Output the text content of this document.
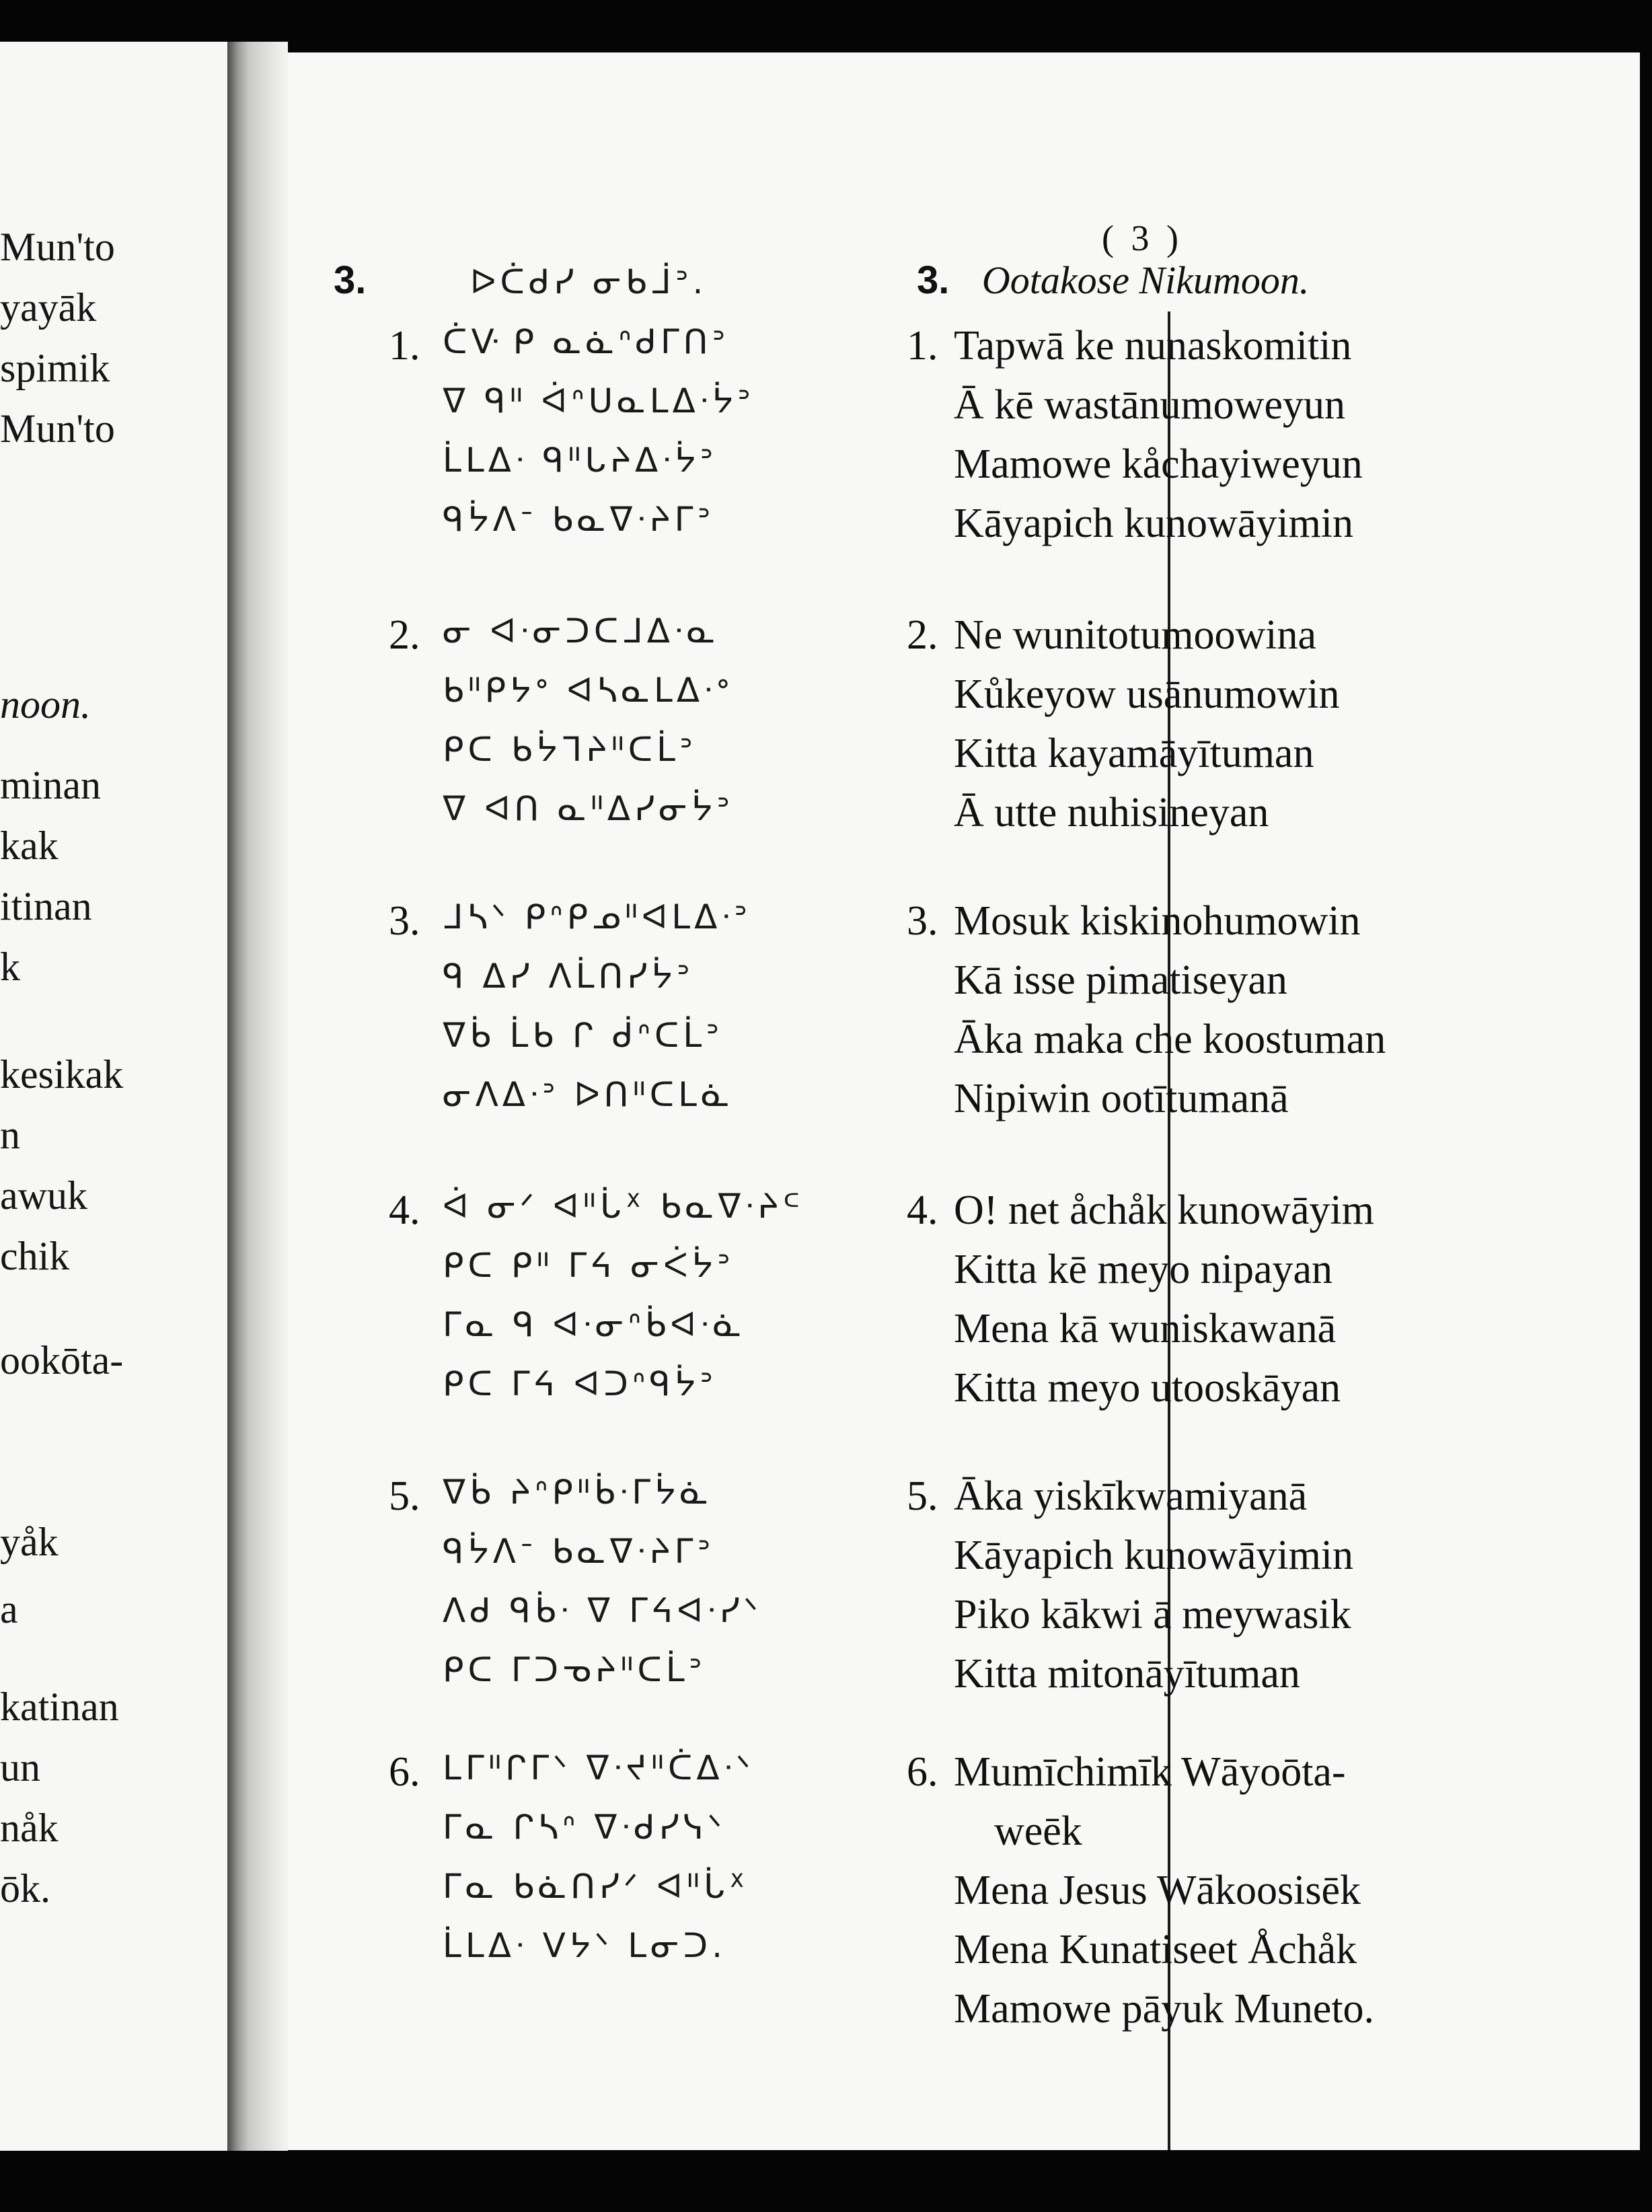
Mun'to
yayāk
spimik
Mun'to
noon.
minan
kak
itinan
k
kesikak
n
awuk
chik
ookōta-
yåk
a
katinan
un
nåk
ōk.
( 3 )
3.	ᐅᑖᑯᓯ ᓂᑲᒨᐣ.	3. Ootakose Nikumoon.
1. ᑖᐻ ᑭ ᓇᓈᐢᑯᒥᑎᐣ
ᐁ ᑫᐦ ᐋᐢᑌᓇᒪᐃᐧᔮᐣ
ᒫᒪᐃᐧ ᑫᐦᒐᔨᐃᐧᔮᐣ
ᑫᔮᐱᐨ ᑲᓇᐁᐧᔨᒥᐣ
2. ᓂ ᐊᐧᓂᑐᑕᒧᐃᐧᓇ
ᑲᐦᑭᔭᐤ ᐊᓴᓇᒪᐃᐧᐤ
ᑭᑕ ᑲᔮᒣᔨᐦᑕᒫᐣ
ᐁ ᐊᑎ ᓇᐦᐃᓯᓂᔮᐣ
3. ᒧᓴᐠ ᑭᐢᑭᓄᐦᐊᒪᐃᐧᐣ
ᑫ ᐃᓯ ᐱᒫᑎᓯᔮᐣ
ᐁᑳ ᒫᑲ ᒋ ᑰᐢᑕᒫᐣ
ᓂᐱᐃᐧᐣ ᐅᑎᐦᑕᒪᓈ
4. ᐋ ᓂᐟ ᐊᐦᒑᕽ ᑲᓇᐁᐧᔨᒼ
ᑭᑕ ᑭᐦ ᒥᔦ ᓂᐹᔮᐣ
ᒥᓇ ᑫ ᐊᐧᓂᐢᑳᐊᐧᓈ
ᑭᑕ ᒥᔦ ᐊᑐᐢᑫᔮᐣ
5. ᐁᑳ ᔨᐢᑭᐦᑳᐧᒥᔮᓈ
ᑫᔮᐱᐨ ᑲᓇᐁᐧᔨᒥᐣ
ᐱᑯ ᑫᑳᐧ ᐁ ᒥᔦᐊᐧᓯᐠ
ᑭᑕ ᒥᑐᓀᔨᐦᑕᒫᐣ
6. ᒪᒥᐦᒋᒥᐠ ᐁᐧᔪᐦᑖᐃᐧᐠ
ᒥᓇ ᒋᓴᐢ ᐁᐧᑯᓯᓭᐠ
ᒥᓇ ᑲᓈᑎᓯᐟ ᐊᐦᒑᕽ
ᒫᒪᐃᐧ ᐯᔭᐠ ᒪᓂᑐ.
1. Tapwā ke nunaskomitin
Ā kē wastānumoweyun
Mamowe kåchayiweyun
Kāyapich kunowāyimin
2. Ne wunitotumoowina
Kůkeyow usānumowin
Kitta kayamāyītuman
Ā utte nuhisineyan
3. Mosuk kiskinohumowin
Kā isse pimatiseyan
Āka maka che koostuman
Nipiwin ootītumanā
4. O! net åchåk kunowāyim
Kitta kē meyo nipayan
Mena kā wuniskawanā
Kitta meyo utooskāyan
5. Āka yiskīkwamiyanā
Kāyapich kunowāyimin
Piko kākwi ā meywasik
Kitta mitonāyītuman
6. Mumīchimīk Wāyoōta-
weēk
Mena Jesus Wākoosisēk
Mena Kunatiseet Åchåk
Mamowe pāyuk Muneto.
